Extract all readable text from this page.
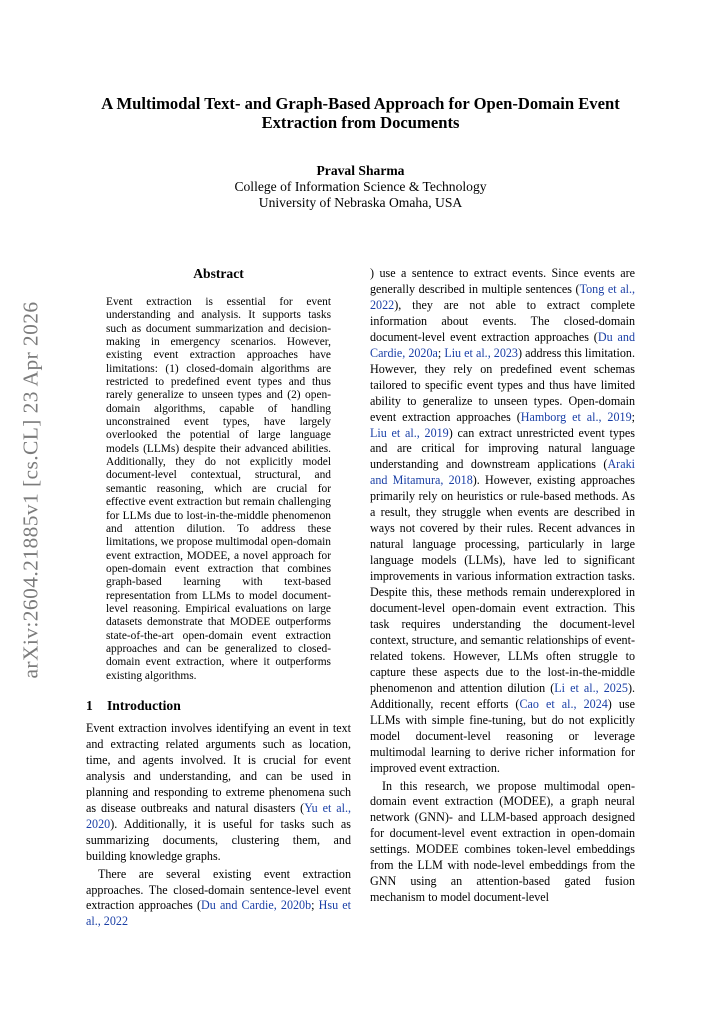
arXiv:2604.21885v1 [cs.CL] 23 Apr 2026
A Multimodal Text- and Graph-Based Approach for Open-Domain Event
Extraction from Documents
Praval Sharma
College of Information Science & Technology
University of Nebraska Omaha, USA
Abstract

Event extraction is essential for event understanding and analysis. It supports tasks such as document summarization and decision-making in emergency scenarios. However, existing event extraction approaches have limitations: (1) closed-domain algorithms are restricted to predefined event types and thus rarely generalize to unseen types and (2) open-domain algorithms, capable of handling unconstrained event types, have largely overlooked the potential of large language models (LLMs) despite their advanced abilities. Additionally, they do not explicitly model document-level contextual, structural, and semantic reasoning, which are crucial for effective event extraction but remain challenging for LLMs due to lost-in-the-middle phenomenon and attention dilution. To address these limitations, we propose multimodal open-domain event extraction, MODEE, a novel approach for open-domain event extraction that combines graph-based learning with text-based representation from LLMs to model document-level reasoning. Empirical evaluations on large datasets demonstrate that MODEE outperforms state-of-the-art open-domain event extraction approaches and can be generalized to closed-domain event extraction, where it outperforms existing algorithms.

1 Introduction

Event extraction involves identifying an event in text and extracting related arguments such as location, time, and agents involved. It is crucial for event analysis and understanding, and can be used in planning and responding to extreme phenomena such as disease outbreaks and natural disasters (Yu et al., 2020). Additionally, it is useful for tasks such as summarizing documents, clustering them, and building knowledge graphs.

There are several existing event extraction approaches. The closed-domain sentence-level event extraction approaches (Du and Cardie, 2020b; Hsu et al., 2022

) use a sentence to extract events. Since events are generally described in multiple sentences (Tong et al., 2022), they are not able to extract complete information about events. The closed-domain document-level event extraction approaches (Du and Cardie, 2020a; Liu et al., 2023) address this limitation. However, they rely on predefined event schemas tailored to specific event types and thus have limited ability to generalize to unseen types. Open-domain event extraction approaches (Hamborg et al., 2019; Liu et al., 2019) can extract unrestricted event types and are critical for improving natural language understanding and downstream applications (Araki and Mitamura, 2018). However, existing approaches primarily rely on heuristics or rule-based methods. As a result, they struggle when events are described in ways not covered by their rules. Recent advances in natural language processing, particularly in large language models (LLMs), have led to significant improvements in various information extraction tasks. Despite this, these methods remain underexplored in document-level open-domain event extraction. This task requires understanding the document-level context, structure, and semantic relationships of event-related tokens. However, LLMs often struggle to capture these aspects due to the lost-in-the-middle phenomenon and attention dilution (Li et al., 2025). Additionally, recent efforts (Cao et al., 2024) use LLMs with simple fine-tuning, but do not explicitly model document-level reasoning or leverage multimodal learning to derive richer information for improved event extraction.

In this research, we propose multimodal open-domain event extraction (MODEE), a graph neural network (GNN)- and LLM-based approach designed for document-level event extraction in open-domain settings. MODEE combines token-level embeddings from the LLM with node-level embeddings from the GNN using an attention-based gated fusion mechanism to model document-level
